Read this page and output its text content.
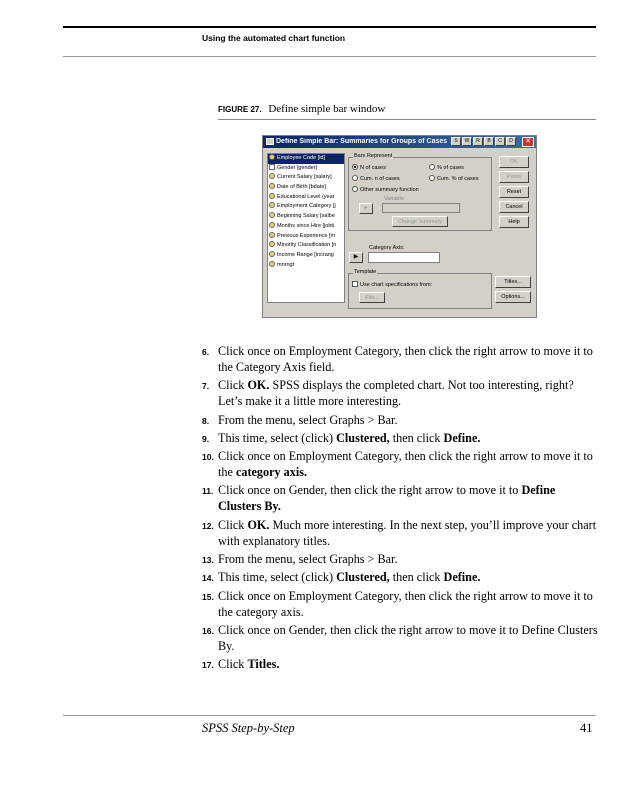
Using the automated chart function
FIGURE 27. Define simple bar window
Define Simple Bar: Summaries for Groups of Cases	S	W	R	B	C	D	✕
Employee Code [id]
Gender [gender]
Current Salary [salary]
Date of Birth [bdate]
Educational Level (year
Employment Category [j
Beginning Salary [salbe
Months since Hire [jobti
Previous Experience [m
Minority Classification [n
Income Range [incrang
mnrngt
Bars Represent
N of cases	% of cases
Cum. n of cases	Cum. % of cases
Other summary function
Variable:
▸
Change Summary
Category Axis:
▶
Template
Use chart specifications from:
File...
OK
Paste
Reset
Cancel
Help
Titles...
Options...
6. Click once on Employment Category, then click the right arrow to move it to the Category Axis field.
7. Click OK. SPSS displays the completed chart. Not too interesting, right? Let’s make it a little more interesting.
8. From the menu, select Graphs > Bar.
9. This time, select (click) Clustered, then click Define.
10. Click once on Employment Category, then click the right arrow to move it to the category axis.
11. Click once on Gender, then click the right arrow to move it to Define Clusters By.
12. Click OK. Much more interesting. In the next step, you’ll improve your chart with explanatory titles.
13. From the menu, select Graphs > Bar.
14. This time, select (click) Clustered, then click Define.
15. Click once on Employment Category, then click the right arrow to move it to the category axis.
16. Click once on Gender, then click the right arrow to move it to Define Clusters By.
17. Click Titles.
SPSS Step-by-Step	41
